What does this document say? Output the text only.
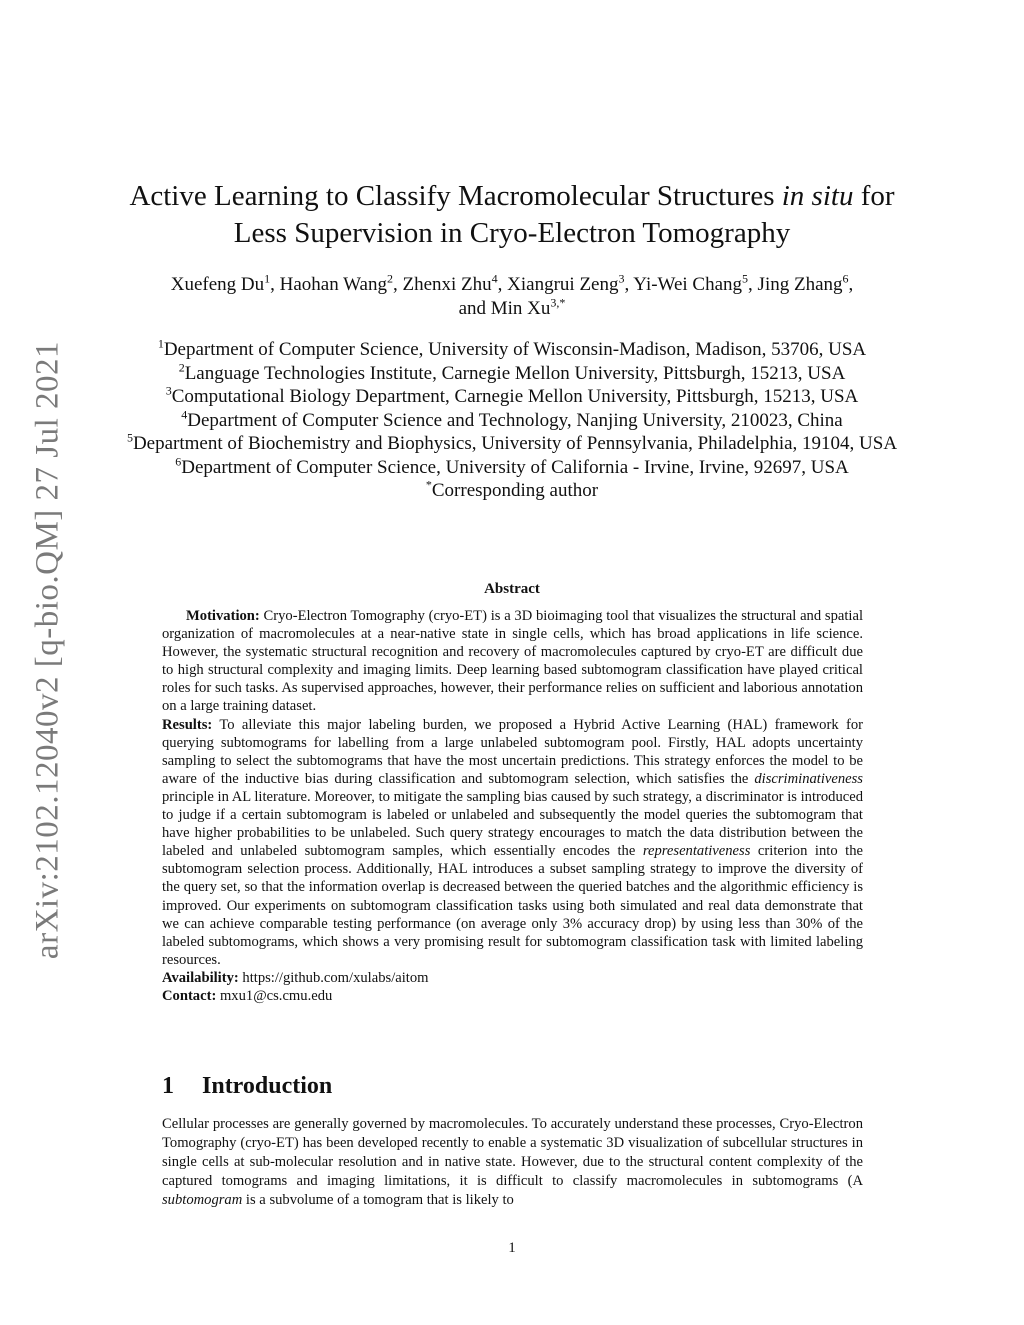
arXiv:2102.12040v2 [q-bio.QM] 27 Jul 2021
Active Learning to Classify Macromolecular Structures in situ for Less Supervision in Cryo-Electron Tomography
Xuefeng Du$^1$, Haohan Wang$^2$, Zhenxi Zhu$^4$, Xiangrui Zeng$^3$, Yi-Wei Chang$^5$, Jing Zhang$^6$,
and Min $Xu^{3,*}$
$^1$Department of Computer Science, University of Wisconsin-Madison, Madison, 53706, USA
$^2$Language Technologies Institute, Carnegie Mellon University, Pittsburgh, 15213, USA
$^3$Computational Biology Department, Carnegie Mellon University, Pittsburgh, 15213, USA
$^4$Department of Computer Science and Technology, Nanjing University, 210023, China
$^5$Department of Biochemistry and Biophysics, University of Pennsylvania, Philadelphia, 19104, USA
$^6$Department of Computer Science, University of California - Irvine, Irvine, 92697, USA
*Corresponding author
Abstract

Motivation: Cryo-Electron Tomography (cryo-ET) is a 3D bioimaging tool that visualizes the structural and spatial organization of macromolecules at a near-native state in single cells, which has broad applications in life science. However, the systematic structural recognition and recovery of macromolecules captured by cryo-ET are difficult due to high structural complexity and imaging limits. Deep learning based subtomogram classification have played critical roles for such tasks. As supervised approaches, however, their performance relies on sufficient and laborious annotation on a large training dataset.

Results: To alleviate this major labeling burden, we proposed a Hybrid Active Learning (HAL) framework for querying subtomograms for labelling from a large unlabeled subtomogram pool. Firstly, HAL adopts uncertainty sampling to select the subtomograms that have the most uncertain predictions. This strategy enforces the model to be aware of the inductive bias during classification and subtomogram selection, which satisfies the discriminativeness principle in AL literature. Moreover, to mitigate the sampling bias caused by such strategy, a discriminator is introduced to judge if a certain subtomogram is labeled or unlabeled and subsequently the model queries the subtomogram that have higher probabilities to be unlabeled. Such query strategy encourages to match the data distribution between the labeled and unlabeled subtomogram samples, which essentially encodes the representativeness criterion into the subtomogram selection process. Additionally, HAL introduces a subset sampling strategy to improve the diversity of the query set, so that the information overlap is decreased between the queried batches and the algorithmic efficiency is improved. Our experiments on subtomogram classification tasks using both simulated and real data demonstrate that we can achieve comparable testing performance (on average only 3% accuracy drop) by using less than 30% of the labeled subtomograms, which shows a very promising result for subtomogram classification task with limited labeling resources.

Availability: https://github.com/xulabs/aitom

Contact: mxu1@cs.cmu.edu

1 Introduction

Cellular processes are generally governed by macromolecules. To accurately understand these processes, Cryo-Electron Tomography (cryo-ET) has been developed recently to enable a systematic 3D visualization of subcellular structures in single cells at sub-molecular resolution and in native state. However, due to the structural content complexity of the captured tomograms and imaging limitations, it is difficult to classify macromolecules in subtomograms (A subtomogram is a subvolume of a tomogram that is likely to

1
